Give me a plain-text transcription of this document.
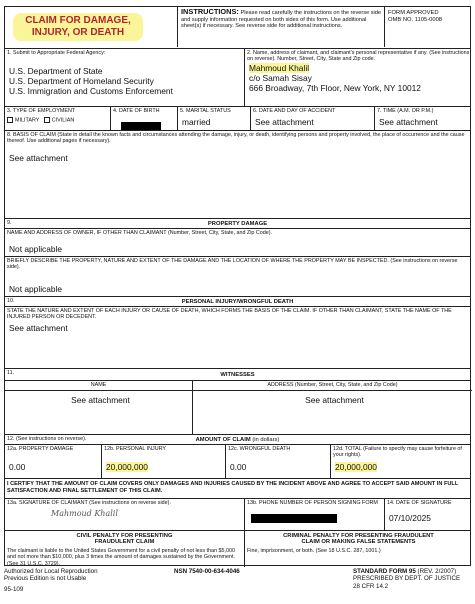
CLAIM FOR DAMAGE,
INJURY, OR DEATH
INSTRUCTIONS: Please read carefully the instructions on the reverse side and supply information requested on both sides of this form. Use additional sheet(s) if necessary. See reverse side for additional instructions.
FORM APPROVED
OMB NO. 1105-0008
1. Submit to Appropriate Federal Agency:
U.S. Department of State
U.S. Department of Homeland Security
U.S. Immigration and Customs Enforcement
2. Name, address of claimant, and claimant's personal representative if any. (See instructions on reverse). Number, Street, City, State and Zip code.
Mahmoud Khalil
c/o Samah Sisay
666 Broadway, 7th Floor, New York, NY 10012
3. TYPE OF EMPLOYMENT
MILITARY CIVILIAN
4. DATE OF BIRTH	5. MARITAL STATUS
married
6. DATE AND DAY OF ACCIDENT
See attachment
7. TIME (A.M. OR P.M.)
See attachment
8. BASIS OF CLAIM (State in detail the known facts and circumstances attending the damage, injury, or death, identifying persons and property involved, the place of occurrence and the cause thereof. Use additional pages if necessary).
See attachment
9.	PROPERTY DAMAGE
NAME AND ADDRESS OF OWNER, IF OTHER THAN CLAIMANT (Number, Street, City, State, and Zip Code).
Not applicable
BRIEFLY DESCRIBE THE PROPERTY, NATURE AND EXTENT OF THE DAMAGE AND THE LOCATION OF WHERE THE PROPERTY MAY BE INSPECTED. (See instructions on reverse side).
Not applicable
10.	PERSONAL INJURY/WRONGFUL DEATH
STATE THE NATURE AND EXTENT OF EACH INJURY OR CAUSE OF DEATH, WHICH FORMS THE BASIS OF THE CLAIM. IF OTHER THAN CLAIMANT, STATE THE NAME OF THE INJURED PERSON OR DECEDENT.
See attachment
11.	WITNESSES
NAME
See attachment
ADDRESS (Number, Street, City, State, and Zip Code)
See attachment
12. (See instructions on reverse).	AMOUNT OF CLAIM (in dollars)
12a. PROPERTY DAMAGE
0.00
12b. PERSONAL INJURY
20,000,000
12c. WRONGFUL DEATH
0.00
12d. TOTAL (Failure to specify may cause forfeiture of your rights).
20,000,000
I CERTIFY THAT THE AMOUNT OF CLAIM COVERS ONLY DAMAGES AND INJURIES CAUSED BY THE INCIDENT ABOVE AND AGREE TO ACCEPT SAID AMOUNT IN FULL SATISFACTION AND FINAL SETTLEMENT OF THIS CLAIM.
13a. SIGNATURE OF CLAIMANT (See instructions on reverse side).
Mahmoud Khalil
13b. PHONE NUMBER OF PERSON SIGNING FORM	14. DATE OF SIGNATURE
07/10/2025
CIVIL PENALTY FOR PRESENTING
FRAUDULENT CLAIM
The claimant is liable to the United States Government for a civil penalty of not less than $5,000 and not more than $10,000, plus 3 times the amount of damages sustained by the Government. (See 31 U.S.C. 3729).
CRIMINAL PENALTY FOR PRESENTING FRAUDULENT
CLAIM OR MAKING FALSE STATEMENTS
Fine, imprisonment, or both. (See 18 U.S.C. 287, 1001.)
Authorized for Local Reproduction
Previous Edition is not Usable
95-109
NSN 7540-00-634-4046	STANDARD FORM 95 (REV. 2/2007)
PRESCRIBED BY DEPT. OF JUSTICE
28 CFR 14.2
